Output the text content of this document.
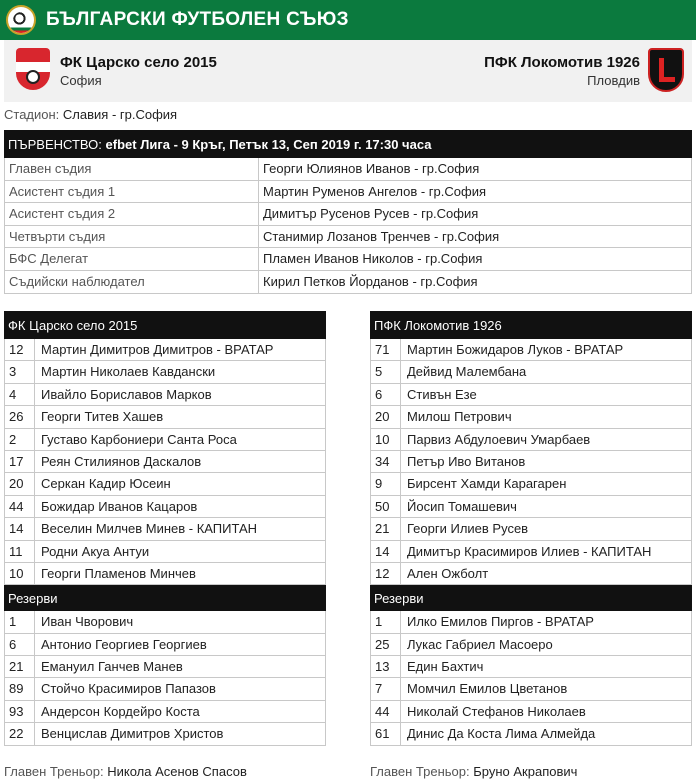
БЪЛГАРСКИ ФУТБОЛЕН СЪЮЗ
ФК Царско село 2015
София
ПФК Локомотив 1926
Пловдив
Стадион: Славия - гр.София
ПЪРВЕНСТВО:
efbet Лига - 9 Кръг, Петък 13, Сеп 2019 г. 17:30 часа
Главен съдия	Георги Юлиянов Иванов - гр.София
Асистент съдия 1	Мартин Руменов Ангелов - гр.София
Асистент съдия 2	Димитър Русенов Русев - гр.София
Четвърти съдия	Станимир Лозанов Тренчев - гр.София
БФС Делегат	Пламен Иванов Николов - гр.София
Съдийски наблюдател	Кирил Петков Йорданов - гр.София
ФК Царско село 2015
12	Мартин Димитров Димитров - ВРАТАР
3	Мартин Николаев Кавдански
4	Ивайло Бориславов Марков
26	Георги Титев Хашев
2	Густаво Карбониери Санта Роса
17	Реян Стилиянов Даскалов
20	Серкан Кадир Юсеин
44	Божидар Иванов Кацаров
14	Веселин Милчев Минев - КАПИТАН
11	Родни Акуа Антуи
10	Георги Пламенов Минчев
Резерви
1	Иван Чворович
6	Антонио Георгиев Георгиев
21	Емануил Ганчев Манев
89	Стойчо Красимиров Папазов
93	Андерсон Кордейро Коста
22	Венцислав Димитров Христов
ПФК Локомотив 1926
71	Мартин Божидаров Луков - ВРАТАР
5	Дейвид Малембана
6	Стивън Езе
20	Милош Петрович
10	Парвиз Абдулоевич Умарбаев
34	Петър Иво Витанов
9	Бирсент Хамди Карагарен
50	Йосип Томашевич
21	Георги Илиев Русев
14	Димитър Красимиров Илиев - КАПИТАН
12	Ален Ожболт
Резерви
1	Илко Емилов Пиргов - ВРАТАР
25	Лукас Габриел Масоеро
13	Един Бахтич
7	Момчил Емилов Цветанов
44	Николай Стефанов Николаев
61	Динис Да Коста Лима Алмейда
Главен Треньор: Никола Асенов Спасов	Главен Треньор: Бруно Акрапович
